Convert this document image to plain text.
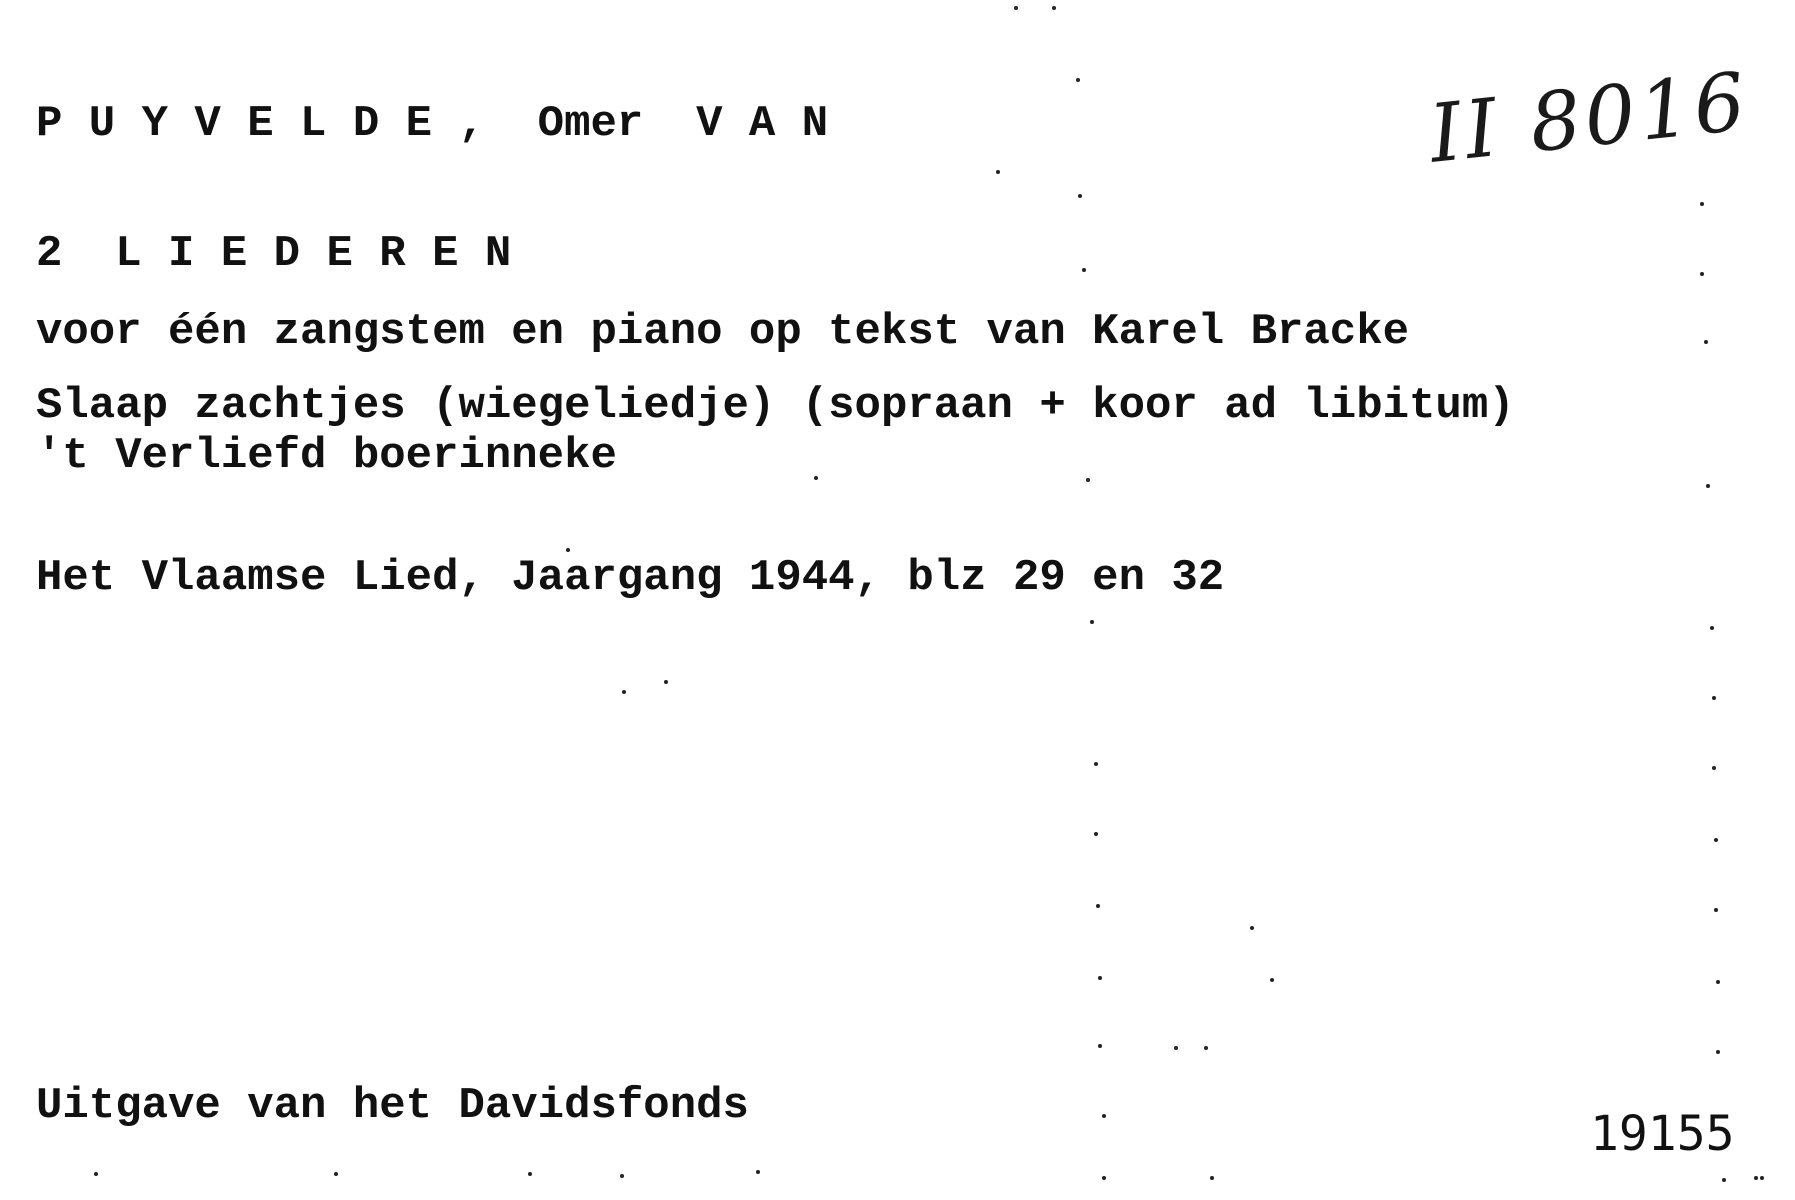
P U Y V E L D E ,  Omer  V A N	II 8016
2  L I E D E R E N
voor één zangstem en piano op tekst van Karel Bracke
Slaap zachtjes (wiegeliedje) (sopraan + koor ad libitum)
't Verliefd boerinneke
Het Vlaamse Lied, Jaargang 1944, blz 29 en 32
Uitgave van het Davidsfonds	19155
